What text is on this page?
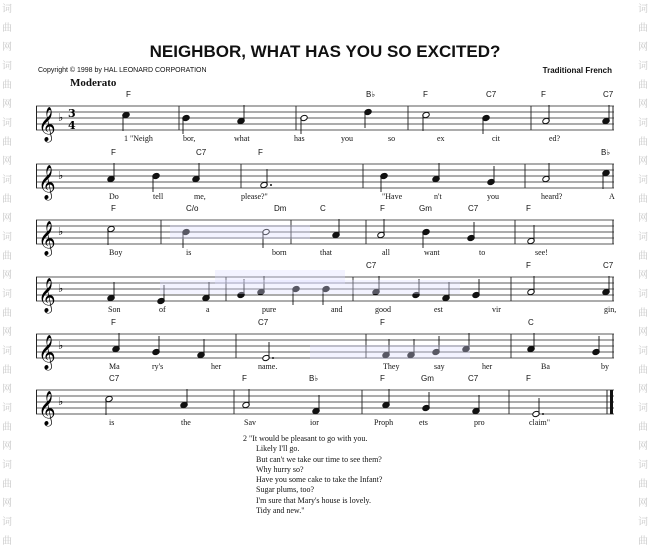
词
曲
网
词
曲
网
词
曲
网
词
曲
网
词
曲
网
词
曲
网
词
曲
网
词
曲
网
词
曲
网
词
曲
词
曲
网
词
曲
网
词
曲
网
词
曲
网
词
曲
网
词
曲
网
词
曲
网
词
曲
网
词
曲
网
词
曲
NEIGHBOR, WHAT HAS YOU SO EXCITED?
Copyright © 1998 by HAL LEONARD CORPORATION	Traditional French
Moderato
𝄞 ♭ 3
4
F	B♭	F	C7	F	C7
1 "Neigh	bor,	what	has	you	so	ex	cit	ed?
𝄞 ♭
F	C7	F	B♭
Do	tell	me,	please?"	"Have	n't	you	heard?	A
𝄞 ♭
F	C/o	Dm	C	F	Gm	C7	F
Boy	is	born	that	all	want	to	see!
𝄞 ♭
C7	F	C7
Son	of	a	pure	and	good	est	vir	gin,
𝄞 ♭
F	C7	F	C
Ma	ry's	her	name.	They	say	her	Ba	by
𝄞 ♭
C7	F	B♭	F	Gm	C7	F
is	the	Sav	ior	Proph	ets	pro	claim"
2 "It would be pleasant to go with you.
Likely I'll go.
But can't we take our time to see them?
Why hurry so?
Have you some cake to take the Infant?
Sugar plums, too?
I'm sure that Mary's house is lovely.
Tidy and new."
